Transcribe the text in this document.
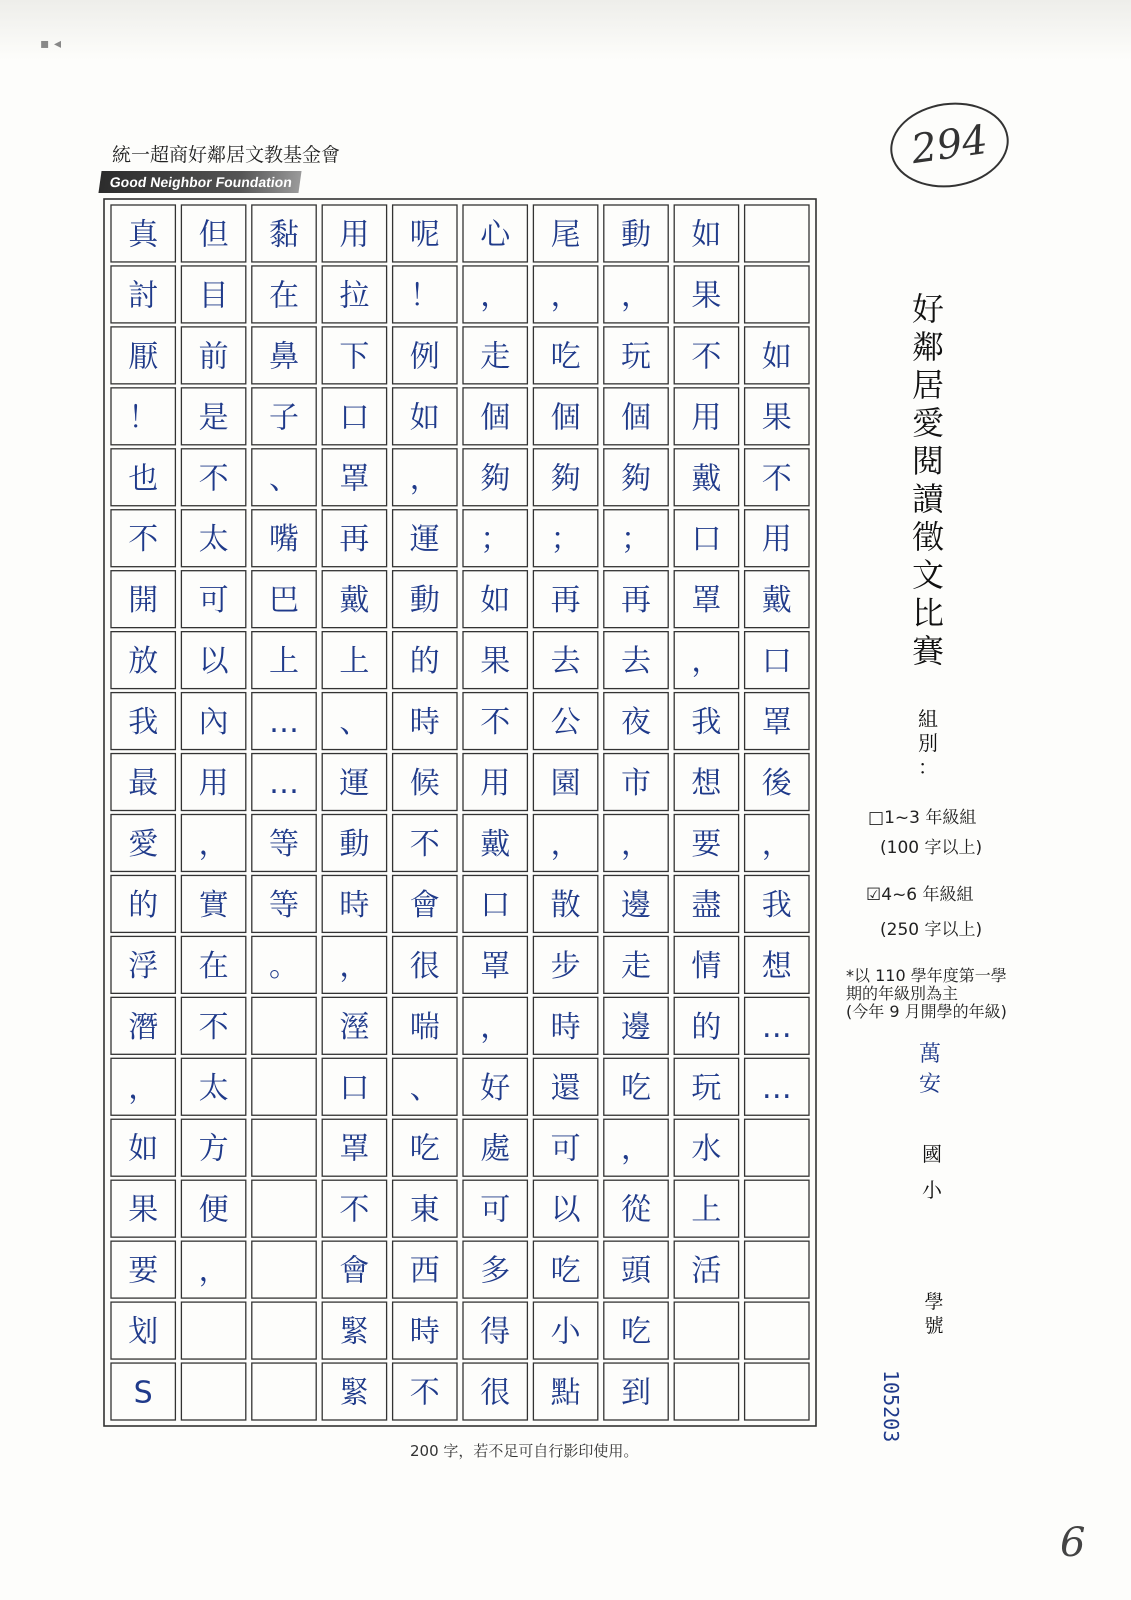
▪ ◂
統一超商好鄰居文教基金會
Good Neighbor Foundation
294
如
果
不
用
戴
口
罩
後
，
我
想
…
…
如
果
不
用
戴
口
罩
，
我
想
要
盡
情
的
玩
水
上
活
動
，
玩
個
夠
；
再
去
夜
市
，
邊
走
邊
吃
，
從
頭
吃
到
尾
，
吃
個
夠
；
再
去
公
園
，
散
步
時
還
可
以
吃
小
點
心
，
走
個
夠
；
如
果
不
用
戴
口
罩
，
好
處
可
多
得
很
呢
！
例
如
，
運
動
的
時
候
不
會
很
喘
、
吃
東
西
時
不
用
拉
下
口
罩
再
戴
上
、
運
動
時
，
溼
口
罩
不
會
緊
緊
黏
在
鼻
子
、
嘴
巴
上
…
…
等
等
。
但
目
前
是
不
太
可
以
內
用
，
實
在
不
太
方
便
，
真
討
厭
！
也
不
開
放
我
最
愛
的
浮
潛
，
如
果
要
划
S
好
鄰
居
愛
閱
讀
徵
文
比
賽
組
別
：
□1~3 年級組
(100 字以上)
☑4~6 年級組
(250 字以上)
*以 110 學年度第一學
期的年級別為主
(今年 9 月開學的年級)
萬
安
國
小
學
號
105203
200 字，若不足可自行影印使用。
6
